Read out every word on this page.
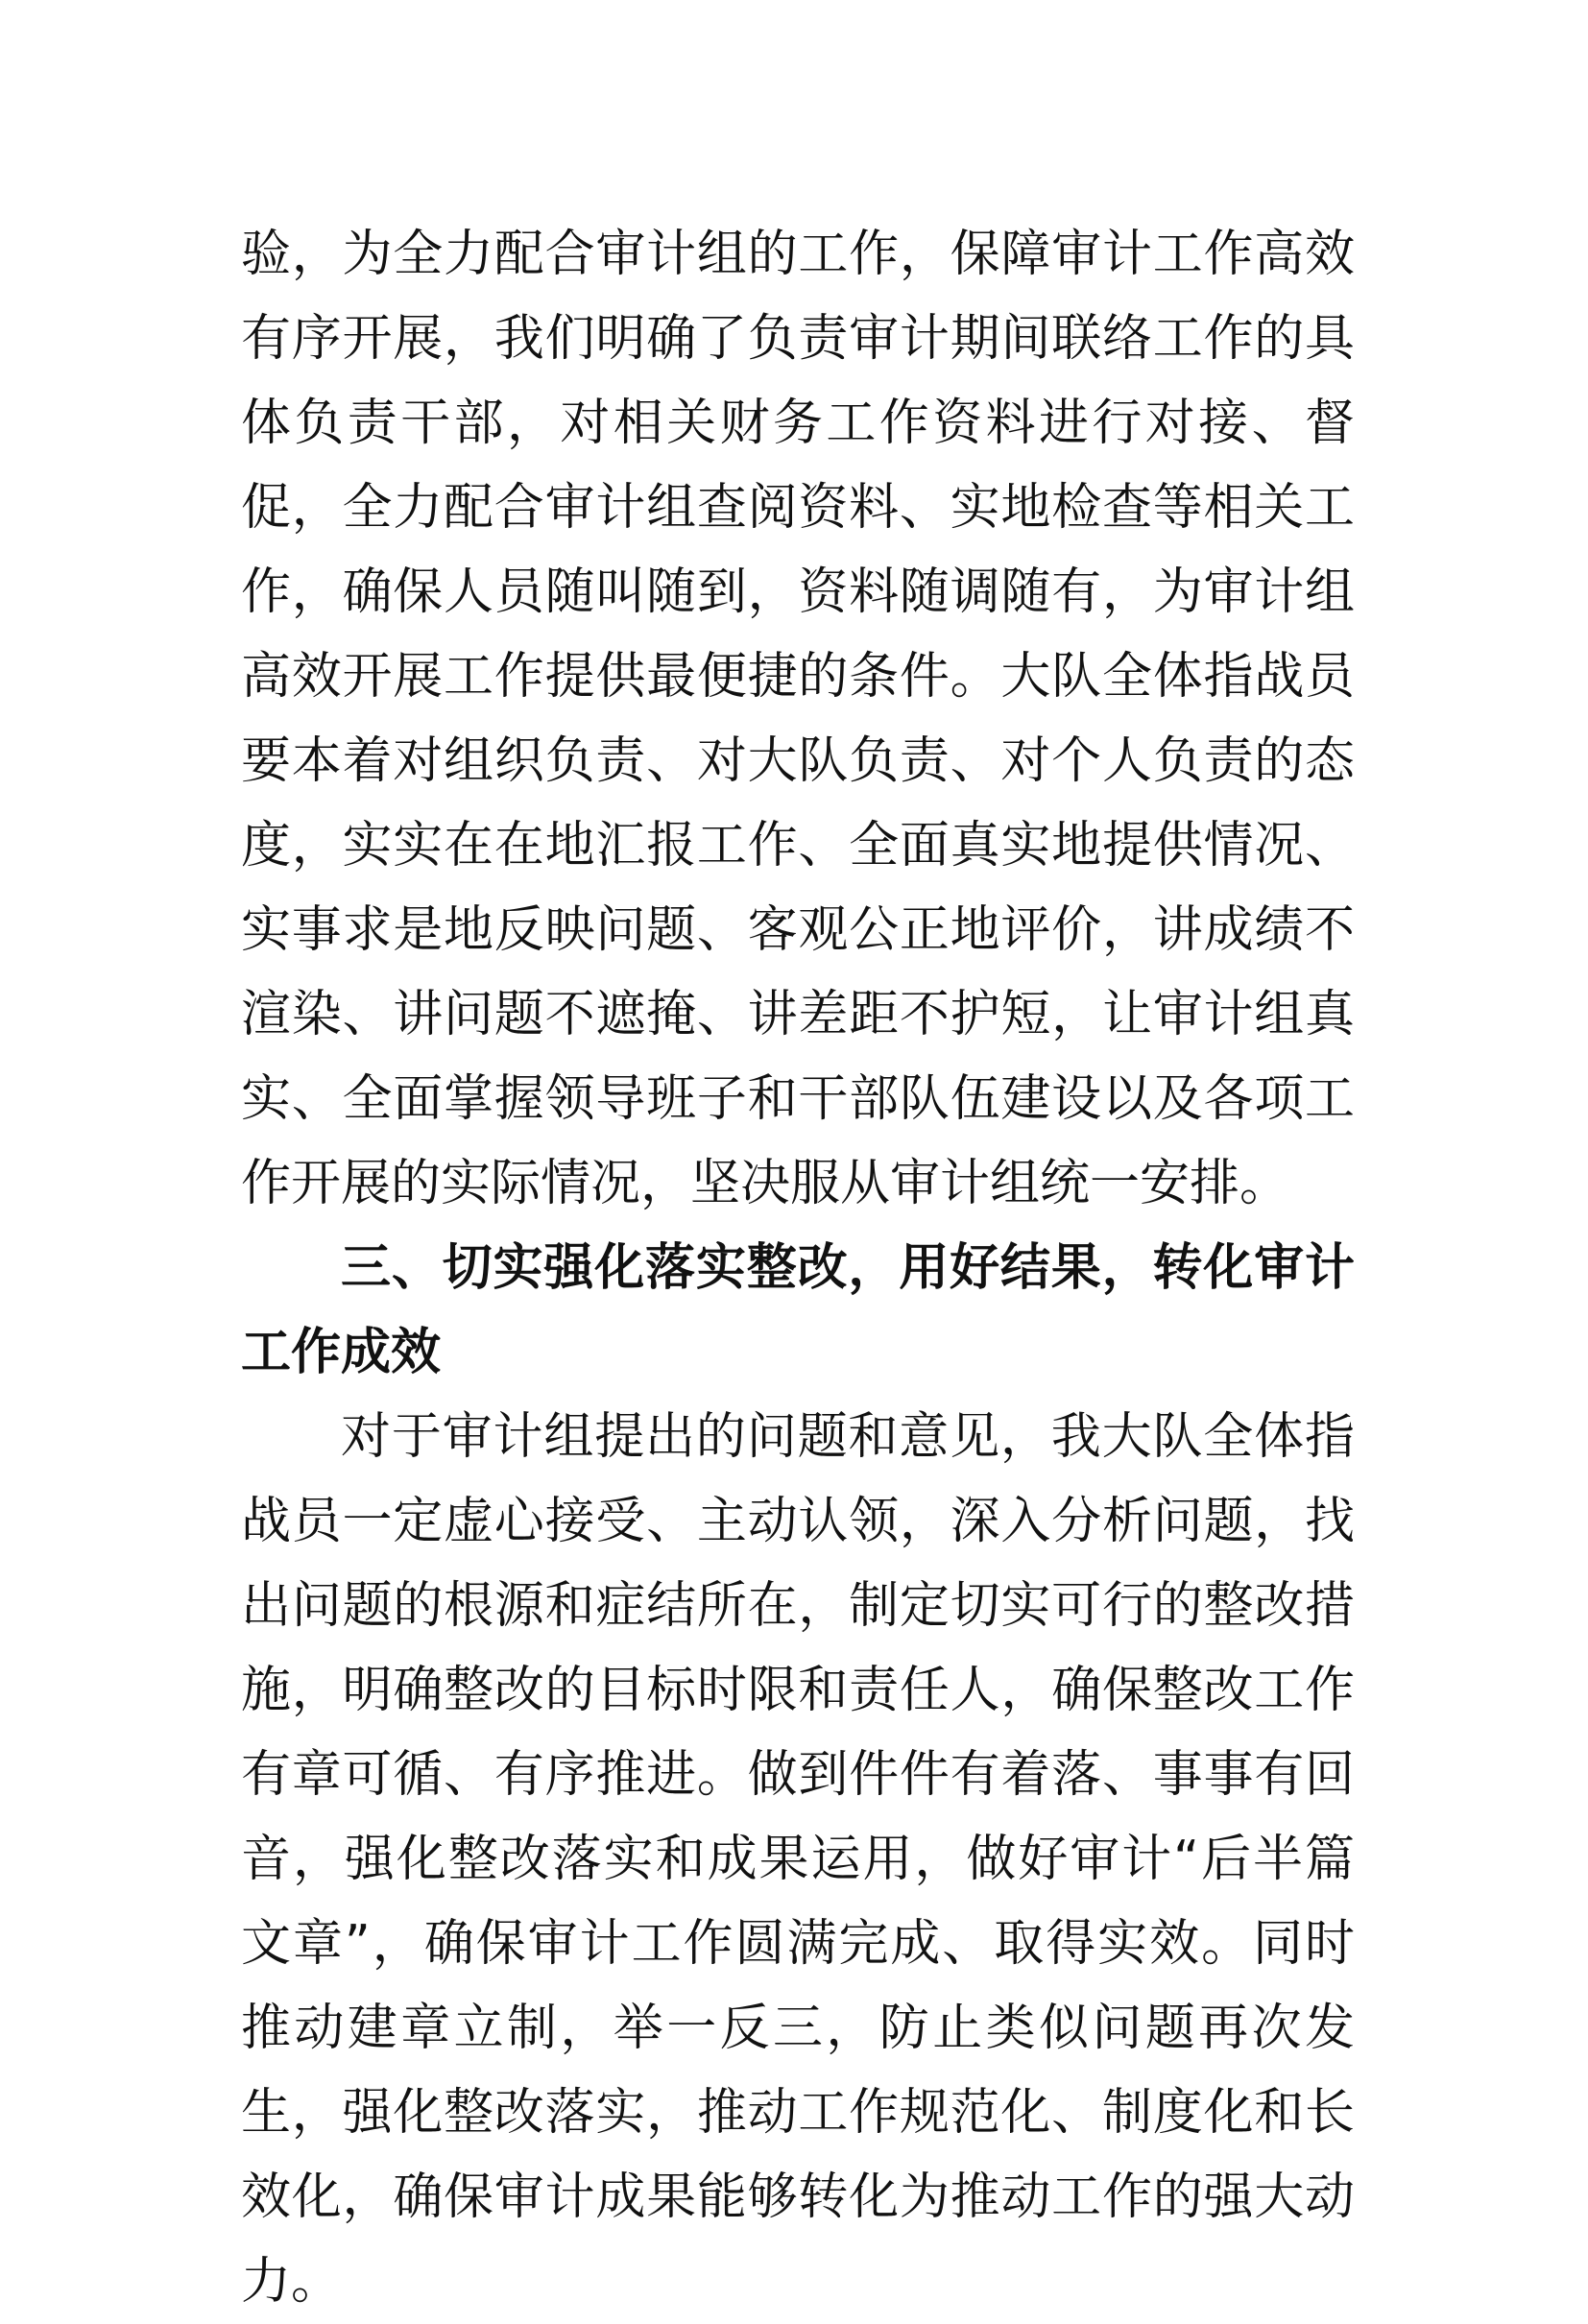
验，为全力配合审计组的工作，保障审计工作高效有序开展，我们明确了负责审计期间联络工作的具体负责干部，对相关财务工作资料进行对接、督促，全力配合审计组查阅资料、实地检查等相关工作，确保人员随叫随到，资料随调随有，为审计组高效开展工作提供最便捷的条件。大队全体指战员要本着对组织负责、对大队负责、对个人负责的态度，实实在在地汇报工作、全面真实地提供情况、实事求是地反映问题、客观公正地评价，讲成绩不渲染、讲问题不遮掩、讲差距不护短，让审计组真实、全面掌握领导班子和干部队伍建设以及各项工作开展的实际情况，坚决服从审计组统一安排。

三、切实强化落实整改，用好结果，转化审计工作成效

对于审计组提出的问题和意见，我大队全体指战员一定虚心接受、主动认领，深入分析问题，找出问题的根源和症结所在，制定切实可行的整改措施，明确整改的目标时限和责任人，确保整改工作有章可循、有序推进。做到件件有着落、事事有回音，强化整改落实和成果运用，做好审计“后半篇文章”，确保审计工作圆满完成、取得实效。同时推动建章立制，举一反三，防止类似问题再次发生，强化整改落实，推动工作规范化、制度化和长效化，确保审计成果能够转化为推动工作的强大动力。
